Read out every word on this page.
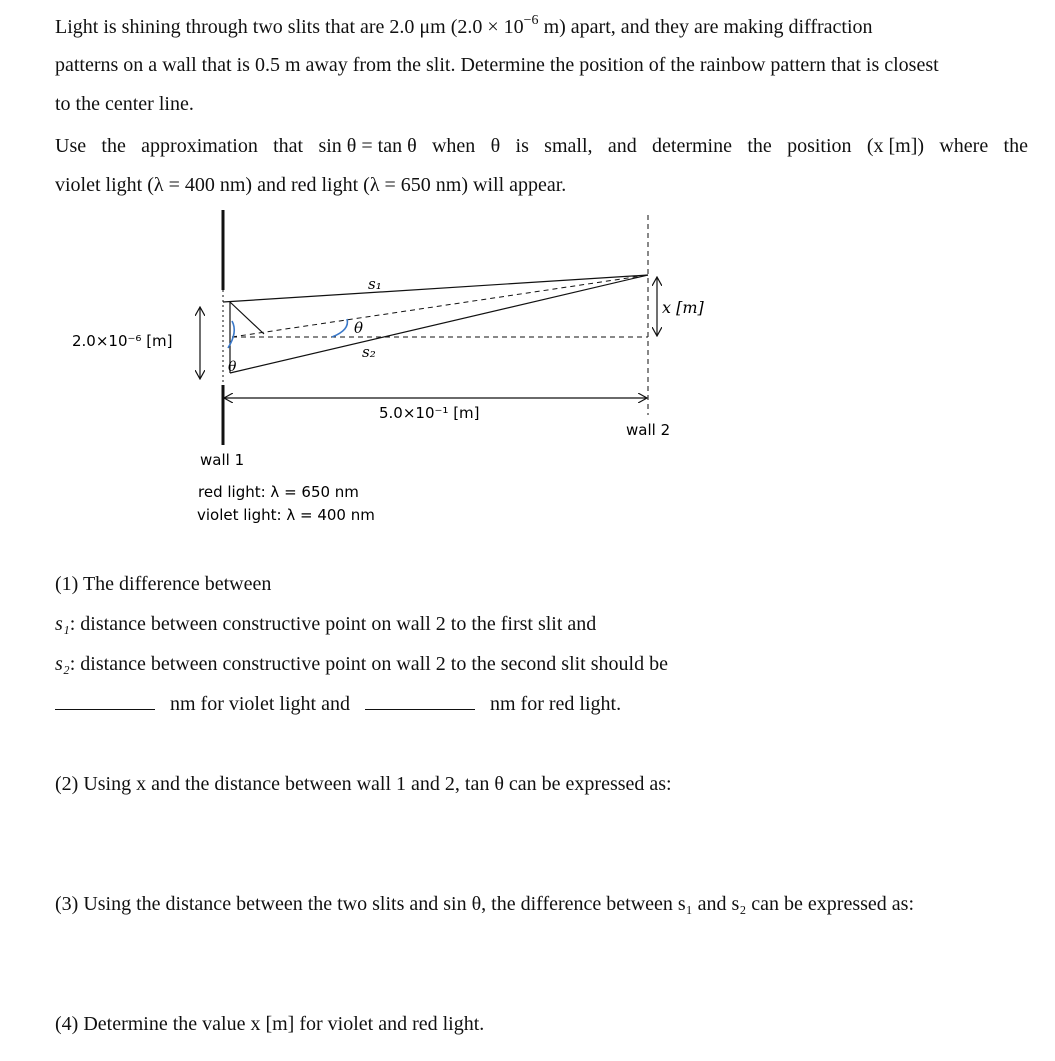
Light is shining through two slits that are 2.0 μm ($2.0 \times 10^{-6}$ m) apart, and they are making diffraction
patterns on a wall that is 0.5 m away from the slit. Determine the position of the rainbow pattern that is closest
to the center line.
Use the approximation that sin θ = tan θ when θ is small, and determine the position (x [m]) where the
violet light (λ = 400 nm) and red light (λ = 650 nm) will appear.
s₁
s₂
θ
θ
2.0×10⁻⁶ [m]
5.0×10⁻¹ [m]
x [m]
wall 2
wall 1
red light: λ = 650 nm
violet light: λ = 400 nm
(1) The difference between
s₁: distance between constructive point on wall 2 to the first slit and
s₂: distance between constructive point on wall 2 to the second slit should be
nm for violet light and	nm for red light.
(2) Using x and the distance between wall 1 and 2, tan θ can be expressed as:
(3) Using the distance between the two slits and sin θ, the difference between s₁ and s₂ can be expressed as:
(4) Determine the value x [m] for violet and red light.
